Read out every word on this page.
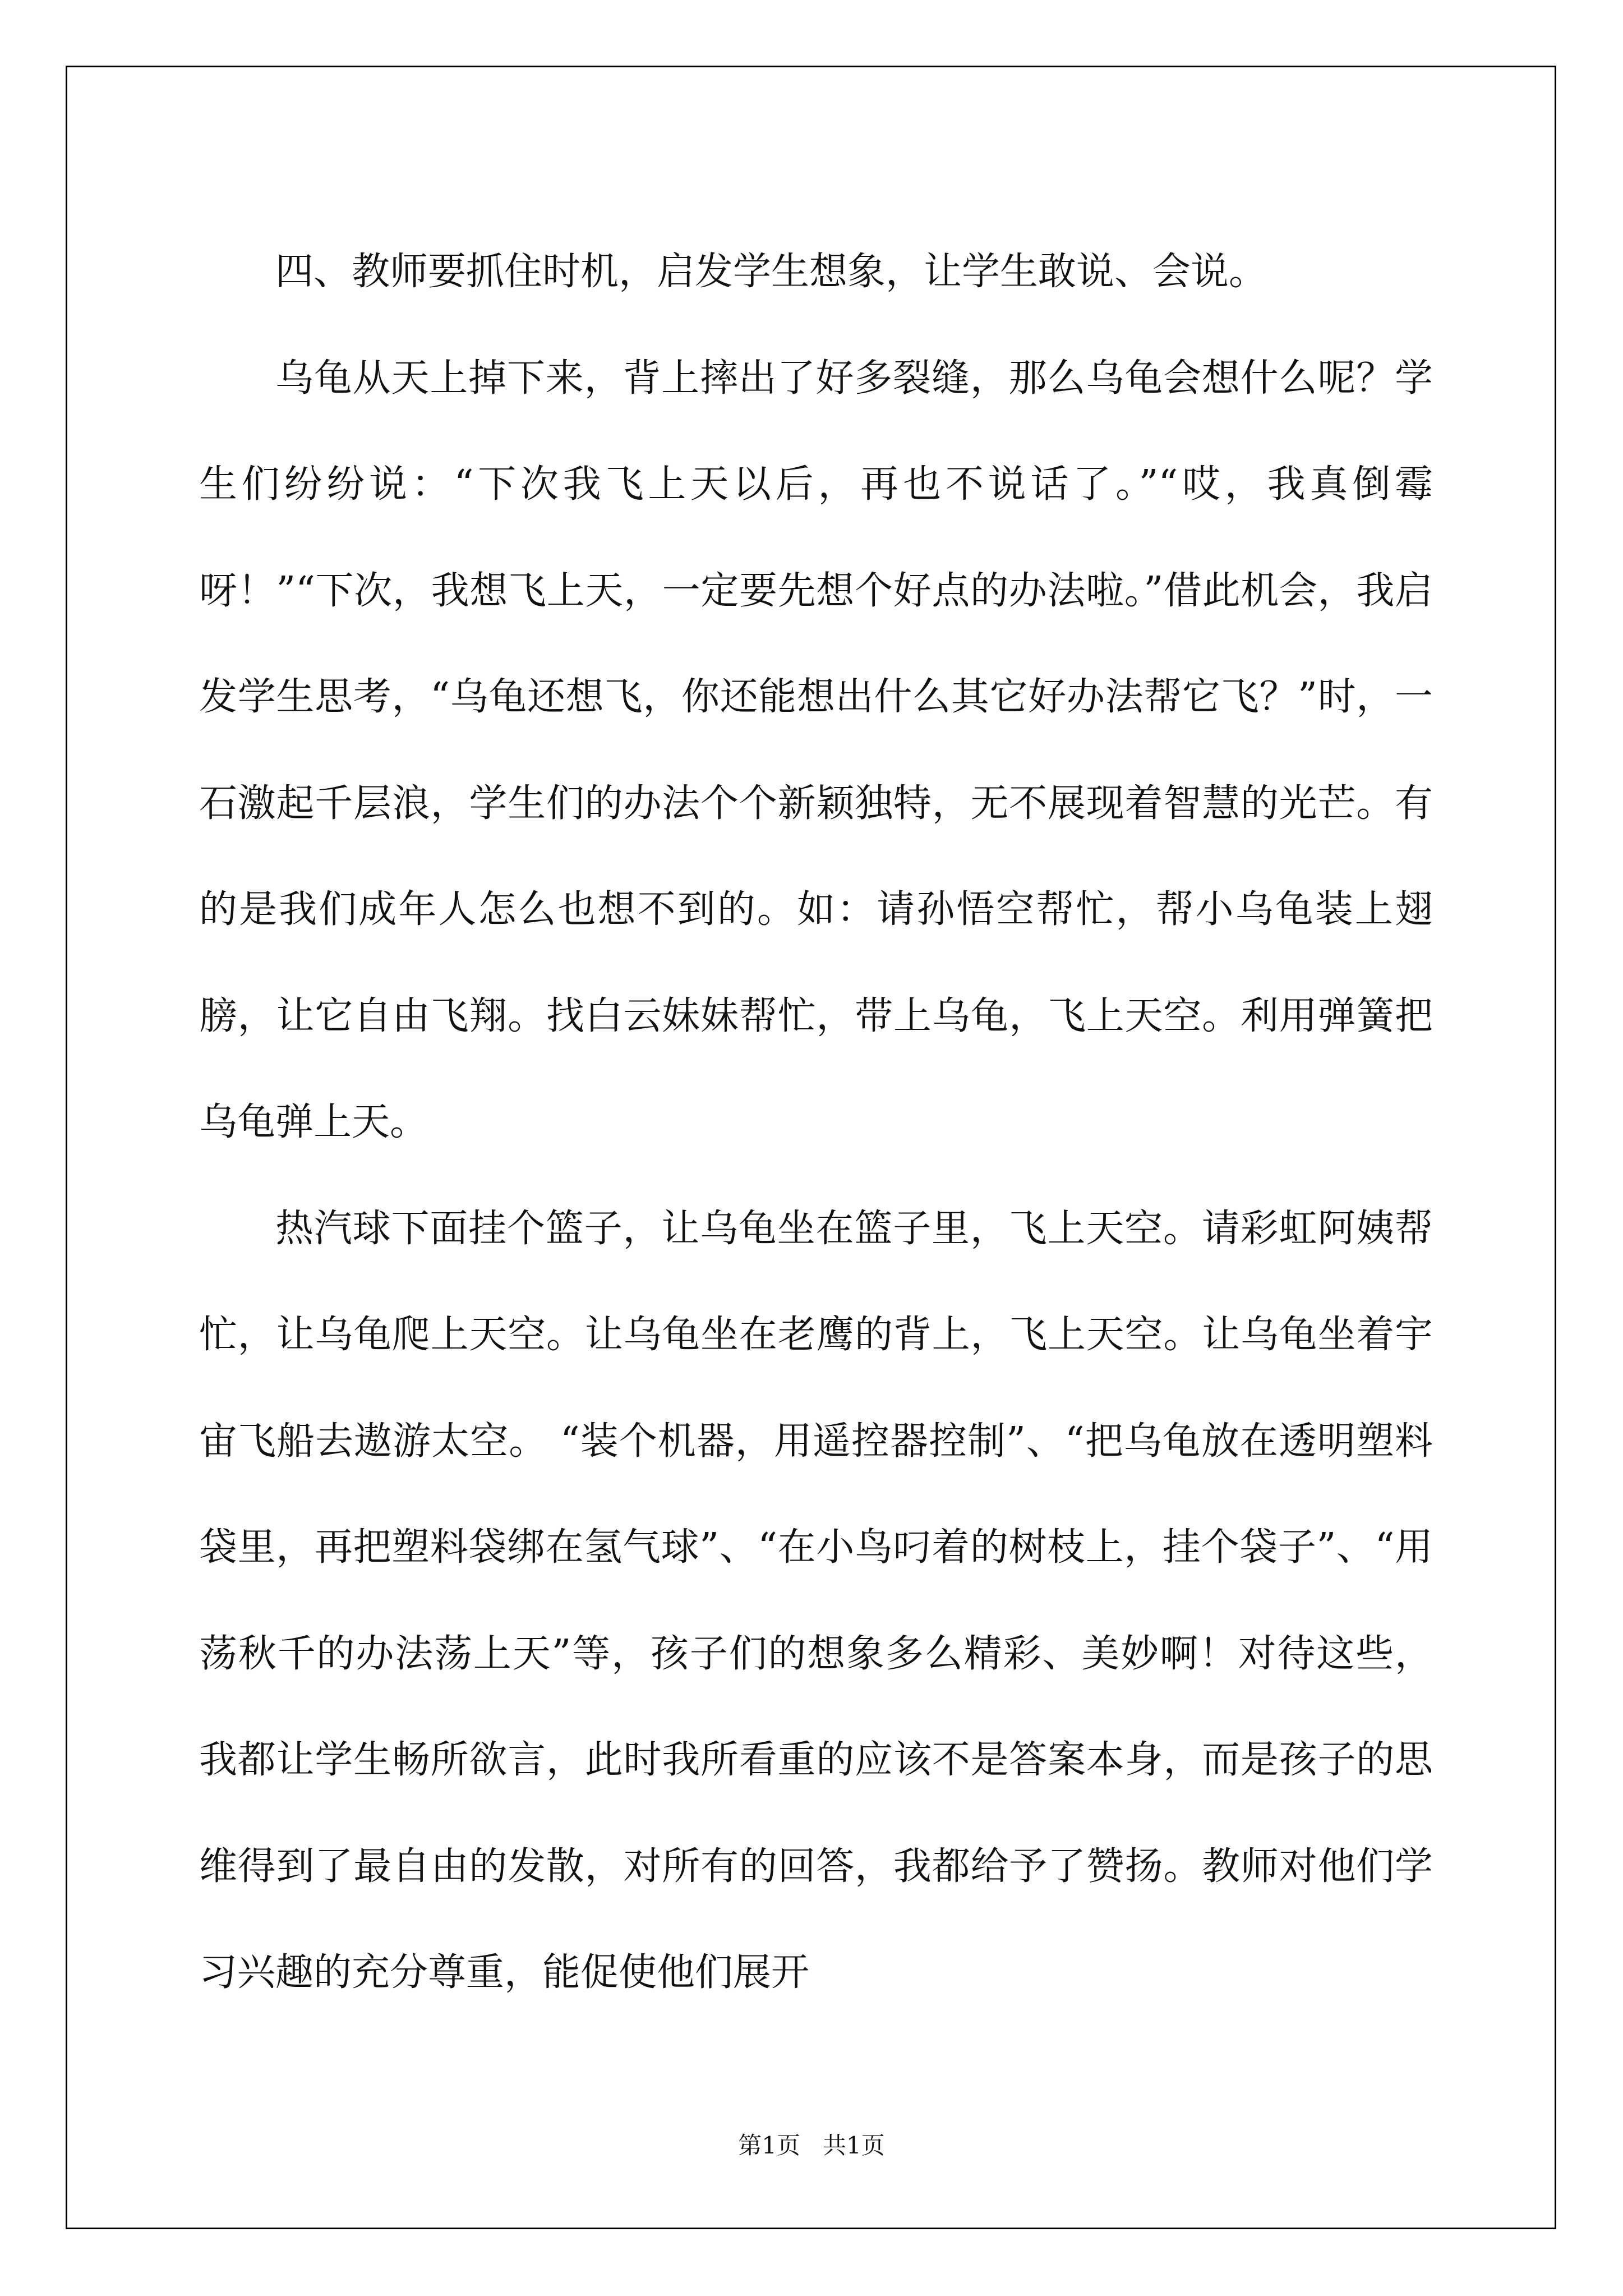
四、教师要抓住时机，启发学生想象，让学生敢说、会说。

乌龟从天上掉下来，背上摔出了好多裂缝，那么乌龟会想什么呢？学生们纷纷说：“下次我飞上天以后，再也不说话了。”“哎，我真倒霉呀！”“下次，我想飞上天，一定要先想个好点的办法啦。”借此机会，我启发学生思考，“乌龟还想飞，你还能想出什么其它好办法帮它飞？”时，一石激起千层浪，学生们的办法个个新颖独特，无不展现着智慧的光芒。有的是我们成年人怎么也想不到的。如：请孙悟空帮忙，帮小乌龟装上翅膀，让它自由飞翔。找白云妹妹帮忙，带上乌龟，飞上天空。利用弹簧把乌龟弹上天。

热汽球下面挂个篮子，让乌龟坐在篮子里，飞上天空。请彩虹阿姨帮忙，让乌龟爬上天空。让乌龟坐在老鹰的背上，飞上天空。让乌龟坐着宇宙飞船去遨游太空。 “装个机器，用遥控器控制”、“把乌龟放在透明塑料袋里，再把塑料袋绑在氢气球”、“在小鸟叼着的树枝上，挂个袋子”、“用荡秋千的办法荡上天”等，孩子们的想象多么精彩、美妙啊！对待这些，我都让学生畅所欲言，此时我所看重的应该不是答案本身，而是孩子的思维得到了最自由的发散，对所有的回答，我都给予了赞扬。教师对他们学习兴趣的充分尊重，能促使他们展开

第1页   共1页
